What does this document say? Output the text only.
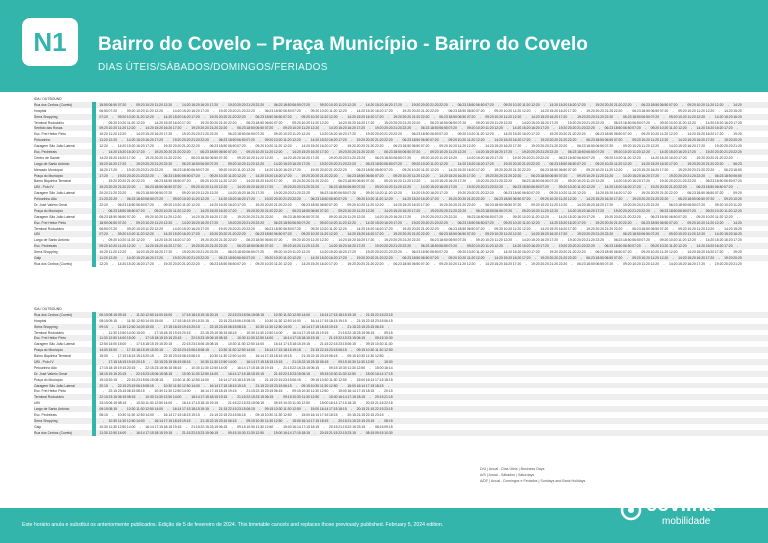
N1	Bairro do Covelo – Praça Município - Bairro do Covelo
DIAS ÚTEIS/SÁBADOS/DOMINGOS/FERIADOS
IDA / OUTBOUND
Rua dos Cedros (Covelo)	18:50 06:50 07:20	-	09:20 10:20 11:20 12:20	-	14:20 15:20 16:20 17:20	-	19:20 20:20 21:20 22:20	-	06:23 18:50 06:50 07:20	-	09:20 10:20 11:20 12:20	-	14:20 15:20 16:20 17:20	-	19:20 20:20 21:20 22:20	-	06:23 18:50 06:50 07:20	-	09:20 10:20 11:20 12:20	-	14:20 15:20 16:20 17:20	-	19:20 20:20 21:20 22:20	-	06:23 18:50 06:50 07:20	-	09:20 10:20 11:20 12:20	-	14:20
Hospital	06:50 07:20	-	09:20 10:20 11:20 12:20	-	14:20 15:20 16:20 17:20	-	19:20 20:20 21:20 22:20	-	06:23 18:50 06:50 07:20	-	09:20 10:20 11:20 12:20	-	14:20 15:20 16:20 17:20	-	19:20 20:20 21:20 22:20	-	06:23 18:50 06:50 07:20	-	09:20 10:20 11:20 12:20	-	14:20 15:20 16:20 17:20	-	19:20 20:20 21:20 22:20	-	06:23 18:50 06:50 07:20	-	09:20 10:20 11:20 12:20	-	14:20 15:20
Serra Shopping	07:20	-	09:20 10:20 11:20 12:20	-	14:20 15:20 16:20 17:20	-	19:20 20:20 21:20 22:20	-	06:23 18:50 06:50 07:20	-	09:20 10:20 11:20 12:20	-	14:20 15:20 16:20 17:20	-	19:20 20:20 21:20 22:20	-	06:23 18:50 06:50 07:20	-	09:20 10:20 11:20 12:20	-	14:20 15:20 16:20 17:20	-	19:20 20:20 21:20 22:20	-	06:23 18:50 06:50 07:20	-	09:20 10:20 11:20 12:20	-	14:20 15:20 16:20
Terminal Rodoviário	-	09:20 10:20 11:20 12:20	-	14:20 15:20 16:20 17:20	-	19:20 20:20 21:20 22:20	-	06:23 18:50 06:50 07:20	-	09:20 10:20 11:20 12:20	-	14:20 15:20 16:20 17:20	-	19:20 20:20 21:20 22:20	-	06:23 18:50 06:50 07:20	-	09:20 10:20 11:20 12:20	-	14:20 15:20 16:20 17:20	-	19:20 20:20 21:20 22:20	-	06:23 18:50 06:50 07:20	-	09:20 10:20 11:20 12:20	-	14:20 15:20 16:20 17:20
Sentido das Rosas	09:20 10:20 11:20 12:20	-	14:20 15:20 16:20 17:20	-	19:20 20:20 21:20 22:20	-	06:23 18:50 06:50 07:20	-	09:20 10:20 11:20 12:20	-	14:20 15:20 16:20 17:20	-	19:20 20:20 21:20 22:20	-	06:23 18:50 06:50 07:20	-	09:20 10:20 11:20 12:20	-	14:20 15:20 16:20 17:20	-	19:20 20:20 21:20 22:20	-	06:23 18:50 06:50 07:20	-	09:20 10:20 11:20 12:20	-	14:20 15:20 16:20 17:20	-
Esc. Frei Heitor Pinto	10:20 11:20 12:20	-	14:20 15:20 16:20 17:20	-	19:20 20:20 21:20 22:20	-	06:23 18:50 06:50 07:20	-	09:20 10:20 11:20 12:20	-	14:20 15:20 16:20 17:20	-	19:20 20:20 21:20 22:20	-	06:23 18:50 06:50 07:20	-	09:20 10:20 11:20 12:20	-	14:20 15:20 16:20 17:20	-	19:20 20:20 21:20 22:20	-	06:23 18:50 06:50 07:20	-	09:20 10:20 11:20 12:20	-	14:20 15:20 16:20 17:20	-	19:20
Pelourinho	11:20 12:20	-	14:20 15:20 16:20 17:20	-	19:20 20:20 21:20 22:20	-	06:23 18:50 06:50 07:20	-	09:20 10:20 11:20 12:20	-	14:20 15:20 16:20 17:20	-	19:20 20:20 21:20 22:20	-	06:23 18:50 06:50 07:20	-	09:20 10:20 11:20 12:20	-	14:20 15:20 16:20 17:20	-	19:20 20:20 21:20 22:20	-	06:23 18:50 06:50 07:20	-	09:20 10:20 11:20 12:20	-	14:20 15:20 16:20 17:20	-	19:20 20:20
Garagem São João Lateral	12:20	-	14:20 15:20 16:20 17:20	-	19:20 20:20 21:20 22:20	-	06:23 18:50 06:50 07:20	-	09:20 10:20 11:20 12:20	-	14:20 15:20 16:20 17:20	-	19:20 20:20 21:20 22:20	-	06:23 18:50 06:50 07:20	-	09:20 10:20 11:20 12:20	-	14:20 15:20 16:20 17:20	-	19:20 20:20 21:20 22:20	-	06:23 18:50 06:50 07:20	-	09:20 10:20 11:20 12:20	-	14:20 15:20 16:20 17:20	-	19:20 20:20 21:20
Esc. Pedreirais	-	14:20 15:20 16:20 17:20	-	19:20 20:20 21:20 22:20	-	06:23 18:50 06:50 07:20	-	09:20 10:20 11:20 12:20	-	14:20 15:20 16:20 17:20	-	19:20 20:20 21:20 22:20	-	06:23 18:50 06:50 07:20	-	09:20 10:20 11:20 12:20	-	14:20 15:20 16:20 17:20	-	19:20 20:20 21:20 22:20	-	06:23 18:50 06:50 07:20	-	09:20 10:20 11:20 12:20	-	14:20 15:20 16:20 17:20	-	19:20 20:20 21:20 22:20
Centro de Saúde	14:20 15:20 16:20 17:20	-	19:20 20:20 21:20 22:20	-	06:23 18:50 06:50 07:20	-	09:20 10:20 11:20 12:20	-	14:20 15:20 16:20 17:20	-	19:20 20:20 21:20 22:20	-	06:23 18:50 06:50 07:20	-	09:20 10:20 11:20 12:20	-	14:20 15:20 16:20 17:20	-	19:20 20:20 21:20 22:20	-	06:23 18:50 06:50 07:20	-	09:20 10:20 11:20 12:20	-	14:20 15:20 16:20 17:20	-	19:20 20:20 21:20 22:20	-
Largo de Santo António	15:20 16:20 17:20	-	19:20 20:20 21:20 22:20	-	06:23 18:50 06:50 07:20	-	09:20 10:20 11:20 12:20	-	14:20 15:20 16:20 17:20	-	19:20 20:20 21:20 22:20	-	06:23 18:50 06:50 07:20	-	09:20 10:20 11:20 12:20	-	14:20 15:20 16:20 17:20	-	19:20 20:20 21:20 22:20	-	06:23 18:50 06:50 07:20	-	09:20 10:20 11:20 12:20	-	14:20 15:20 16:20 17:20	-	19:20 20:20 21:20 22:20	-	06:23
Mercado Municipal	16:20 17:20	-	19:20 20:20 21:20 22:20	-	06:23 18:50 06:50 07:20	-	09:20 10:20 11:20 12:20	-	14:20 15:20 16:20 17:20	-	19:20 20:20 21:20 22:20	-	06:23 18:50 06:50 07:20	-	09:20 10:20 11:20 12:20	-	14:20 15:20 16:20 17:20	-	19:20 20:20 21:20 22:20	-	06:23 18:50 06:50 07:20	-	09:20 10:20 11:20 12:20	-	14:20 15:20 16:20 17:20	-	19:20 20:20 21:20 22:20	-	06:23 18:50
Praça do Município	17:20	-	19:20 20:20 21:20 22:20	-	06:23 18:50 06:50 07:20	-	09:20 10:20 11:20 12:20	-	14:20 15:20 16:20 17:20	-	19:20 20:20 21:20 22:20	-	06:23 18:50 06:50 07:20	-	09:20 10:20 11:20 12:20	-	14:20 15:20 16:20 17:20	-	19:20 20:20 21:20 22:20	-	06:23 18:50 06:50 07:20	-	09:20 10:20 11:20 12:20	-	14:20 15:20 16:20 17:20	-	19:20 20:20 21:20 22:20	-	06:23 18:50 06:50
Bairro Biquinha Terminal	-	19:20 20:20 21:20 22:20	-	06:23 18:50 06:50 07:20	-	09:20 10:20 11:20 12:20	-	14:20 15:20 16:20 17:20	-	19:20 20:20 21:20 22:20	-	06:23 18:50 06:50 07:20	-	09:20 10:20 11:20 12:20	-	14:20 15:20 16:20 17:20	-	19:20 20:20 21:20 22:20	-	06:23 18:50 06:50 07:20	-	09:20 10:20 11:20 12:20	-	14:20 15:20 16:20 17:20	-	19:20 20:20 21:20 22:20	-	06:23 18:50 06:50 07:20
UBI - Polo IV	19:20 20:20 21:20 22:20	-	06:23 18:50 06:50 07:20	-	09:20 10:20 11:20 12:20	-	14:20 15:20 16:20 17:20	-	19:20 20:20 21:20 22:20	-	06:23 18:50 06:50 07:20	-	09:20 10:20 11:20 12:20	-	14:20 15:20 16:20 17:20	-	19:20 20:20 21:20 22:20	-	06:23 18:50 06:50 07:20	-	09:20 10:20 11:20 12:20	-	14:20 15:20 16:20 17:20	-	19:20 20:20 21:20 22:20	-	06:23 18:50 06:50 07:20	-
Garagem São João Lateral	20:20 21:20 22:20	-	06:23 18:50 06:50 07:20	-	09:20 10:20 11:20 12:20	-	14:20 15:20 16:20 17:20	-	19:20 20:20 21:20 22:20	-	06:23 18:50 06:50 07:20	-	09:20 10:20 11:20 12:20	-	14:20 15:20 16:20 17:20	-	19:20 20:20 21:20 22:20	-	06:23 18:50 06:50 07:20	-	09:20 10:20 11:20 12:20	-	14:20 15:20 16:20 17:20	-	19:20 20:20 21:20 22:20	-	06:23 18:50 06:50 07:20	-	09:20
Pelourinho Alto	21:20 22:20	-	06:23 18:50 06:50 07:20	-	09:20 10:20 11:20 12:20	-	14:20 15:20 16:20 17:20	-	19:20 20:20 21:20 22:20	-	06:23 18:50 06:50 07:20	-	09:20 10:20 11:20 12:20	-	14:20 15:20 16:20 17:20	-	19:20 20:20 21:20 22:20	-	06:23 18:50 06:50 07:20	-	09:20 10:20 11:20 12:20	-	14:20 15:20 16:20 17:20	-	19:20 20:20 21:20 22:20	-	06:23 18:50 06:50 07:20	-	09:20 10:20
Dr. José Valério Ornat	22:20	-	06:23 18:50 06:50 07:20	-	09:20 10:20 11:20 12:20	-	14:20 15:20 16:20 17:20	-	19:20 20:20 21:20 22:20	-	06:23 18:50 06:50 07:20	-	09:20 10:20 11:20 12:20	-	14:20 15:20 16:20 17:20	-	19:20 20:20 21:20 22:20	-	06:23 18:50 06:50 07:20	-	09:20 10:20 11:20 12:20	-	14:20 15:20 16:20 17:20	-	19:20 20:20 21:20 22:20	-	06:23 18:50 06:50 07:20	-	09:20 10:20 11:20
Praça do Município	-	06:23 18:50 06:50 07:20	-	09:20 10:20 11:20 12:20	-	14:20 15:20 16:20 17:20	-	19:20 20:20 21:20 22:20	-	06:23 18:50 06:50 07:20	-	09:20 10:20 11:20 12:20	-	14:20 15:20 16:20 17:20	-	19:20 20:20 21:20 22:20	-	06:23 18:50 06:50 07:20	-	09:20 10:20 11:20 12:20	-	14:20 15:20 16:20 17:20	-	19:20 20:20 21:20 22:20	-	06:23 18:50 06:50 07:20	-	09:20 10:20 11:20 12:20
Garagem São João Lateral	06:23 18:50 06:50 07:20	-	09:20 10:20 11:20 12:20	-	14:20 15:20 16:20 17:20	-	19:20 20:20 21:20 22:20	-	06:23 18:50 06:50 07:20	-	09:20 10:20 11:20 12:20	-	14:20 15:20 16:20 17:20	-	19:20 20:20 21:20 22:20	-	06:23 18:50 06:50 07:20	-	09:20 10:20 11:20 12:20	-	14:20 15:20 16:20 17:20	-	19:20 20:20 21:20 22:20	-	06:23 18:50 06:50 07:20	-	09:20 10:20 11:20 12:20	-
Esc. Frei Heitor Pinto	18:50 06:50 07:20	-	09:20 10:20 11:20 12:20	-	14:20 15:20 16:20 17:20	-	19:20 20:20 21:20 22:20	-	06:23 18:50 06:50 07:20	-	09:20 10:20 11:20 12:20	-	14:20 15:20 16:20 17:20	-	19:20 20:20 21:20 22:20	-	06:23 18:50 06:50 07:20	-	09:20 10:20 11:20 12:20	-	14:20 15:20 16:20 17:20	-	19:20 20:20 21:20 22:20	-	06:23 18:50 06:50 07:20	-	09:20 10:20 11:20 12:20	-	14:20
Terminal Rodoviário	06:50 07:20	-	09:20 10:20 11:20 12:20	-	14:20 15:20 16:20 17:20	-	19:20 20:20 21:20 22:20	-	06:23 18:50 06:50 07:20	-	09:20 10:20 11:20 12:20	-	14:20 15:20 16:20 17:20	-	19:20 20:20 21:20 22:20	-	06:23 18:50 06:50 07:20	-	09:20 10:20 11:20 12:20	-	14:20 15:20 16:20 17:20	-	19:20 20:20 21:20 22:20	-	06:23 18:50 06:50 07:20	-	09:20 10:20 11:20 12:20	-	14:20 15:20
UBI	07:20	-	09:20 10:20 11:20 12:20	-	14:20 15:20 16:20 17:20	-	19:20 20:20 21:20 22:20	-	06:23 18:50 06:50 07:20	-	09:20 10:20 11:20 12:20	-	14:20 15:20 16:20 17:20	-	19:20 20:20 21:20 22:20	-	06:23 18:50 06:50 07:20	-	09:20 10:20 11:20 12:20	-	14:20 15:20 16:20 17:20	-	19:20 20:20 21:20 22:20	-	06:23 18:50 06:50 07:20	-	09:20 10:20 11:20 12:20	-	14:20 15:20 16:20
Largo de Santo António	-	09:20 10:20 11:20 12:20	-	14:20 15:20 16:20 17:20	-	19:20 20:20 21:20 22:20	-	06:23 18:50 06:50 07:20	-	09:20 10:20 11:20 12:20	-	14:20 15:20 16:20 17:20	-	19:20 20:20 21:20 22:20	-	06:23 18:50 06:50 07:20	-	09:20 10:20 11:20 12:20	-	14:20 15:20 16:20 17:20	-	19:20 20:20 21:20 22:20	-	06:23 18:50 06:50 07:20	-	09:20 10:20 11:20 12:20	-	14:20 15:20 16:20 17:20
Esc. Pedreirais	09:20 10:20 11:20 12:20	-	14:20 15:20 16:20 17:20	-	19:20 20:20 21:20 22:20	-	06:23 18:50 06:50 07:20	-	09:20 10:20 11:20 12:20	-	14:20 15:20 16:20 17:20	-	19:20 20:20 21:20 22:20	-	06:23 18:50 06:50 07:20	-	09:20 10:20 11:20 12:20	-	14:20 15:20 16:20 17:20	-	19:20 20:20 21:20 22:20	-	06:23 18:50 06:50 07:20	-	09:20 10:20 11:20 12:20	-	14:20 15:20 16:20 17:20	-
Serra Shopping	10:20 11:20 12:20	-	14:20 15:20 16:20 17:20	-	19:20 20:20 21:20 22:20	-	06:23 18:50 06:50 07:20	-	09:20 10:20 11:20 12:20	-	14:20 15:20 16:20 17:20	-	19:20 20:20 21:20 22:20	-	06:23 18:50 06:50 07:20	-	09:20 10:20 11:20 12:20	-	14:20 15:20 16:20 17:20	-	19:20 20:20 21:20 22:20	-	06:23 18:50 06:50 07:20	-	09:20 10:20 11:20 12:20	-	14:20 15:20 16:20 17:20	-	19:20
Galp	11:20 12:20	-	14:20 15:20 16:20 17:20	-	19:20 20:20 21:20 22:20	-	06:23 18:50 06:50 07:20	-	09:20 10:20 11:20 12:20	-	14:20 15:20 16:20 17:20	-	19:20 20:20 21:20 22:20	-	06:23 18:50 06:50 07:20	-	09:20 10:20 11:20 12:20	-	14:20 15:20 16:20 17:20	-	19:20 20:20 21:20 22:20	-	06:23 18:50 06:50 07:20	-	09:20 10:20 11:20 12:20	-	14:20 15:20 16:20 17:20	-	19:20 20:20
Rua dos Cedros (Covelo)	12:20	-	14:20 15:20 16:20 17:20	-	19:20 20:20 21:20 22:20	-	06:23 18:50 06:50 07:20	-	09:20 10:20 11:20 12:20	-	14:20 15:20 16:20 17:20	-	19:20 20:20 21:20 22:20	-	06:23 18:50 06:50 07:20	-	09:20 10:20 11:20 12:20	-	14:20 15:20 16:20 17:20	-	19:20 20:20 21:20 22:20	-	06:23 18:50 06:50 07:20	-	09:20 10:20 11:20 12:20	-	14:20 15:20 16:20 17:20	-	19:20 20:20 21:20
IDA / OUTBOUND
Rua dos Cedros (Covelo)	06:15 08:15 09:15	-	11:30 12:50 14:00 15:00	-	17:15 18:15 19:15 20:15	-	22:15 23:15 06:15 08:15	-	10:30 11:30 12:50 14:00	-	16:14 17:15 18:15 19:15	-	21:15 22:15 23:15
Hospital	08:15 09:15	-	11:30 12:50 14:00 15:00	-	17:15 18:15 19:15 20:15	-	22:15 23:15 06:15 08:15	-	10:30 11:30 12:50 14:00	-	16:14 17:15 18:15 19:15	-	21:15 22:15 23:15 06:15
Serra Shopping	09:15	-	11:30 12:50 14:00 15:00	-	17:15 18:15 19:15 20:15	-	22:15 23:15 06:15 08:15	-	10:30 11:30 12:50 14:00	-	16:14 17:15 18:15 19:15	-	21:15 22:15 23:15 06:15	-
Terminal Rodoviário	-	11:30 12:50 14:00 15:00	-	17:15 18:15 19:15 20:15	-	22:15 23:15 06:15 08:15	-	10:30 11:30 12:50 14:00	-	16:14 17:15 18:15 19:15	-	21:15 22:15 23:15 06:15	-	09:15
Esc. Frei Heitor Pinto	11:30 12:50 14:00 15:00	-	17:15 18:15 19:15 20:15	-	22:15 23:15 06:15 08:15	-	10:30 11:30 12:50 14:00	-	16:14 17:15 18:15 19:15	-	21:15 22:15 23:15 06:15	-	09:15 10:30
Garagem São João Lateral	12:50 14:00 15:00	-	17:15 18:15 19:15 20:15	-	22:15 23:15 06:15 08:15	-	10:30 11:30 12:50 14:00	-	16:14 17:15 18:15 19:15	-	21:15 22:15 23:15 06:15	-	09:15 10:30 11:30
Praça do Município	14:00 15:00	-	17:15 18:15 19:15 20:15	-	22:15 23:15 06:15 08:15	-	10:30 11:30 12:50 14:00	-	16:14 17:15 18:15 19:15	-	21:15 22:15 23:15 06:15	-	09:15 10:30 11:30 12:50
Bairro Biquinha Terminal	15:00	-	17:15 18:15 19:15 20:15	-	22:15 23:15 06:15 08:15	-	10:30 11:30 12:50 14:00	-	16:14 17:15 18:15 19:15	-	21:15 22:15 23:15 06:15	-	09:15 10:30 11:30 12:50	-
UBI - Polo IV	-	17:15 18:15 19:15 20:15	-	22:15 23:15 06:15 08:15	-	10:30 11:30 12:50 14:00	-	16:14 17:15 18:15 19:15	-	21:15 22:15 23:15 06:15	-	09:15 10:30 11:30 12:50	-	15:00
Pelourinho Alto	17:15 18:15 19:15 20:15	-	22:15 23:15 06:15 08:15	-	10:30 11:30 12:50 14:00	-	16:14 17:15 18:15 19:15	-	21:15 22:15 23:15 06:15	-	09:15 10:30 11:30 12:50	-	15:00 16:14
Dr. José Valério Ornat	18:15 19:15 20:15	-	22:15 23:15 06:15 08:15	-	10:30 11:30 12:50 14:00	-	16:14 17:15 18:15 19:15	-	21:15 22:15 23:15 06:15	-	09:15 10:30 11:30 12:50	-	15:00 16:14 17:15
Praça do Município	19:15 20:15	-	22:15 23:15 06:15 08:15	-	10:30 11:30 12:50 14:00	-	16:14 17:15 18:15 19:15	-	21:15 22:15 23:15 06:15	-	09:15 10:30 11:30 12:50	-	15:00 16:14 17:15 18:15
Garagem São João Lateral	20:15	-	22:15 23:15 06:15 08:15	-	10:30 11:30 12:50 14:00	-	16:14 17:15 18:15 19:15	-	21:15 22:15 23:15 06:15	-	09:15 10:30 11:30 12:50	-	15:00 16:14 17:15 18:15	-
Esc. Frei Heitor Pinto	-	22:15 23:15 06:15 08:15	-	10:30 11:30 12:50 14:00	-	16:14 17:15 18:15 19:15	-	21:15 22:15 23:15 06:15	-	09:15 10:30 11:30 12:50	-	15:00 16:14 17:15 18:15	-	20:15
Terminal Rodoviário	22:15 23:15 06:15 08:15	-	10:30 11:30 12:50 14:00	-	16:14 17:15 18:15 19:15	-	21:15 22:15 23:15 06:15	-	09:15 10:30 11:30 12:50	-	15:00 16:14 17:15 18:15	-	20:15 21:15
UBI	23:15 06:15 08:15	-	10:30 11:30 12:50 14:00	-	16:14 17:15 18:15 19:15	-	21:15 22:15 23:15 06:15	-	09:15 10:30 11:30 12:50	-	15:00 16:14 17:15 18:15	-	20:15 21:15 22:15
Largo de Santo António	06:15 08:15	-	10:30 11:30 12:50 14:00	-	16:14 17:15 18:15 19:15	-	21:15 22:15 23:15 06:15	-	09:15 10:30 11:30 12:50	-	15:00 16:14 17:15 18:15	-	20:15 21:15 22:15 23:15
Esc. Pedreirais	08:15	-	10:30 11:30 12:50 14:00	-	16:14 17:15 18:15 19:15	-	21:15 22:15 23:15 06:15	-	09:15 10:30 11:30 12:50	-	15:00 16:14 17:15 18:15	-	20:15 21:15 22:15 23:15	-
Serra Shopping	-	10:30 11:30 12:50 14:00	-	16:14 17:15 18:15 19:15	-	21:15 22:15 23:15 06:15	-	09:15 10:30 11:30 12:50	-	15:00 16:14 17:15 18:15	-	20:15 21:15 22:15 23:15	-	08:15
Galp	10:30 11:30 12:50 14:00	-	16:14 17:15 18:15 19:15	-	21:15 22:15 23:15 06:15	-	09:15 10:30 11:30 12:50	-	15:00 16:14 17:15 18:15	-	20:15 21:15 22:15 23:15	-	08:15 09:15
Rua dos Cedros (Covelo)	11:30 12:50 14:00	-	16:14 17:15 18:15 19:15	-	21:15 22:15 23:15 06:15	-	09:15 10:30 11:30 12:50	-	15:00 16:14 17:15 18:15	-	20:15 21:15 22:15 23:15	-	08:15 09:15 10:30
D/U | Anual - Dias Úteis | Business Days
A/S | Anual - Sábados | Saturdays
A/DF | Anual - Domingos e Feriados | Sundays and Bank Holidays
Este horário anula e substitui os anteriormente publicados. Edição de 5 de fevereiro de 2024. This timetable cancels and replaces those previously published. February 5, 2024 edition.
covilhã
mobilidade
